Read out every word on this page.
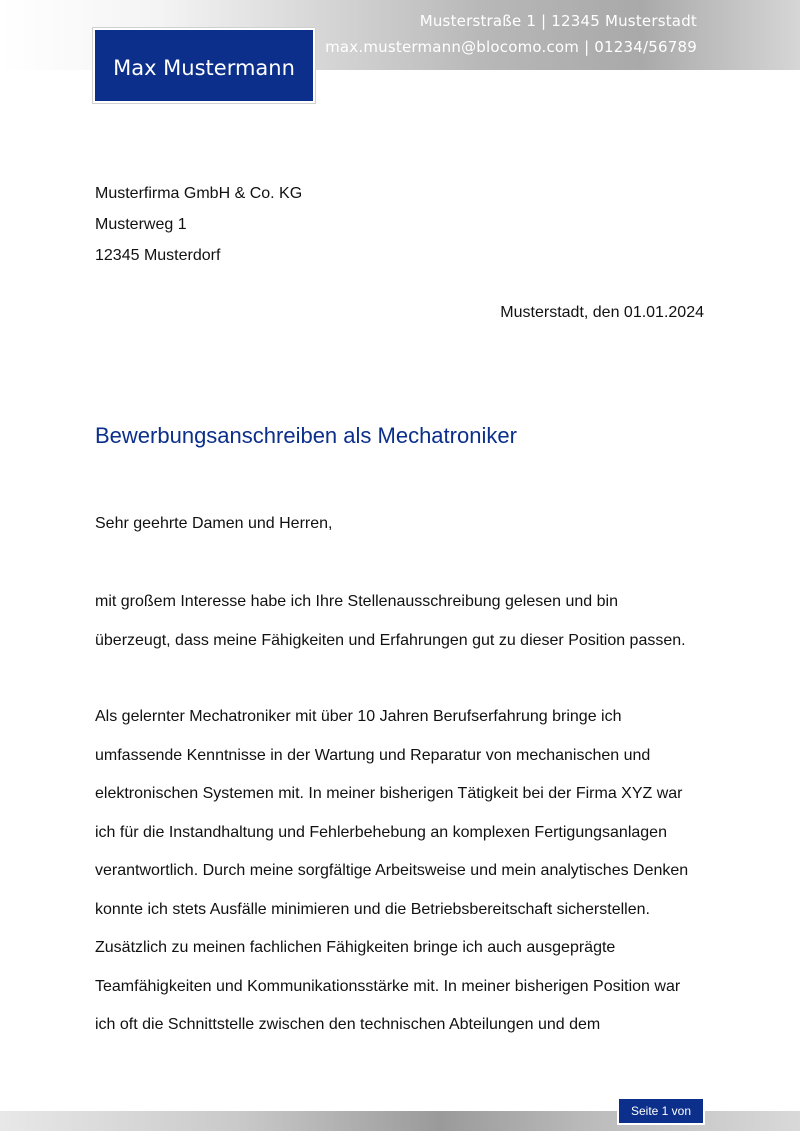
Musterstraße 1 | 12345 Musterstadt
max.mustermann@blocomo.com | 01234/56789
Max Mustermann
Musterfirma GmbH & Co. KG
Musterweg 1
12345 Musterdorf
Musterstadt, den 01.01.2024
Bewerbungsanschreiben als Mechatroniker
Sehr geehrte Damen und Herren,
mit großem Interesse habe ich Ihre Stellenausschreibung gelesen und bin
überzeugt, dass meine Fähigkeiten und Erfahrungen gut zu dieser Position passen.
Als gelernter Mechatroniker mit über 10 Jahren Berufserfahrung bringe ich
umfassende Kenntnisse in der Wartung und Reparatur von mechanischen und
elektronischen Systemen mit. In meiner bisherigen Tätigkeit bei der Firma XYZ war
ich für die Instandhaltung und Fehlerbehebung an komplexen Fertigungsanlagen
verantwortlich. Durch meine sorgfältige Arbeitsweise und mein analytisches Denken
konnte ich stets Ausfälle minimieren und die Betriebsbereitschaft sicherstellen.
Zusätzlich zu meinen fachlichen Fähigkeiten bringe ich auch ausgeprägte
Teamfähigkeiten und Kommunikationsstärke mit. In meiner bisherigen Position war
ich oft die Schnittstelle zwischen den technischen Abteilungen und dem
Seite 1 von
